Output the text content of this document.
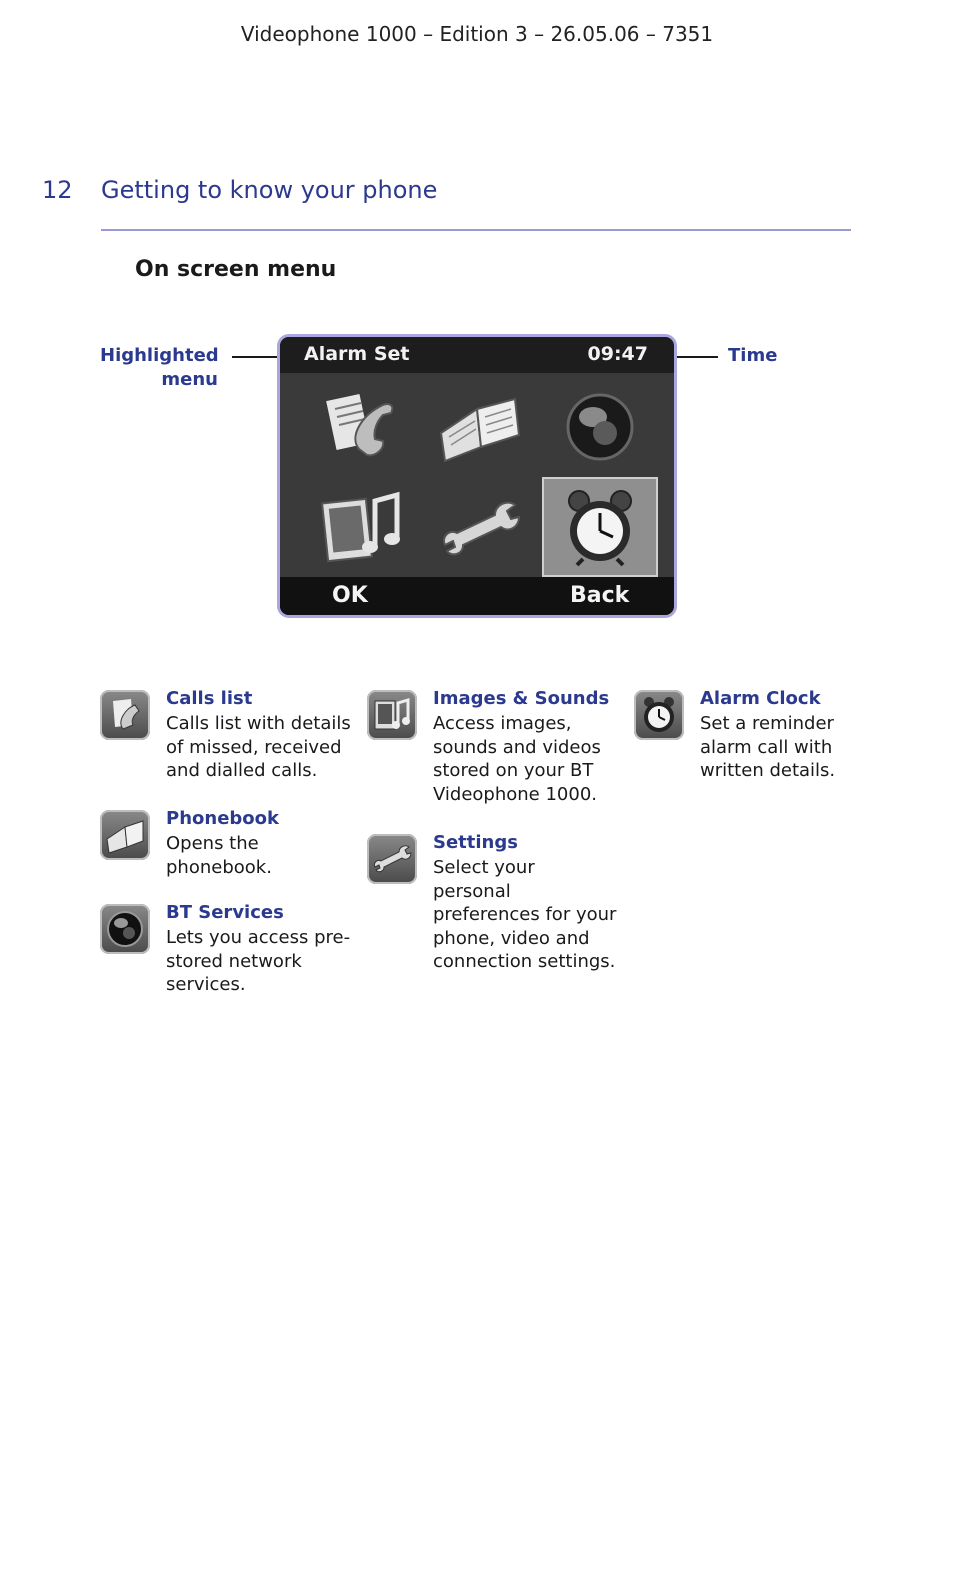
Videophone 1000 – Edition 3 – 26.05.06 – 7351
12 Getting to know your phone
On screen menu
Highlighted menu
Time
Alarm Set	09:47
OK	Back
Calls list
Calls list with details of missed, received and dialled calls.
Phonebook
Opens the phonebook.
BT Services
Lets you access pre-stored network services.
Images & Sounds
Access images, sounds and videos stored on your BT Videophone 1000.
Settings
Select your personal preferences for your phone, video and connection settings.
Alarm Clock
Set a reminder alarm call with written details.
